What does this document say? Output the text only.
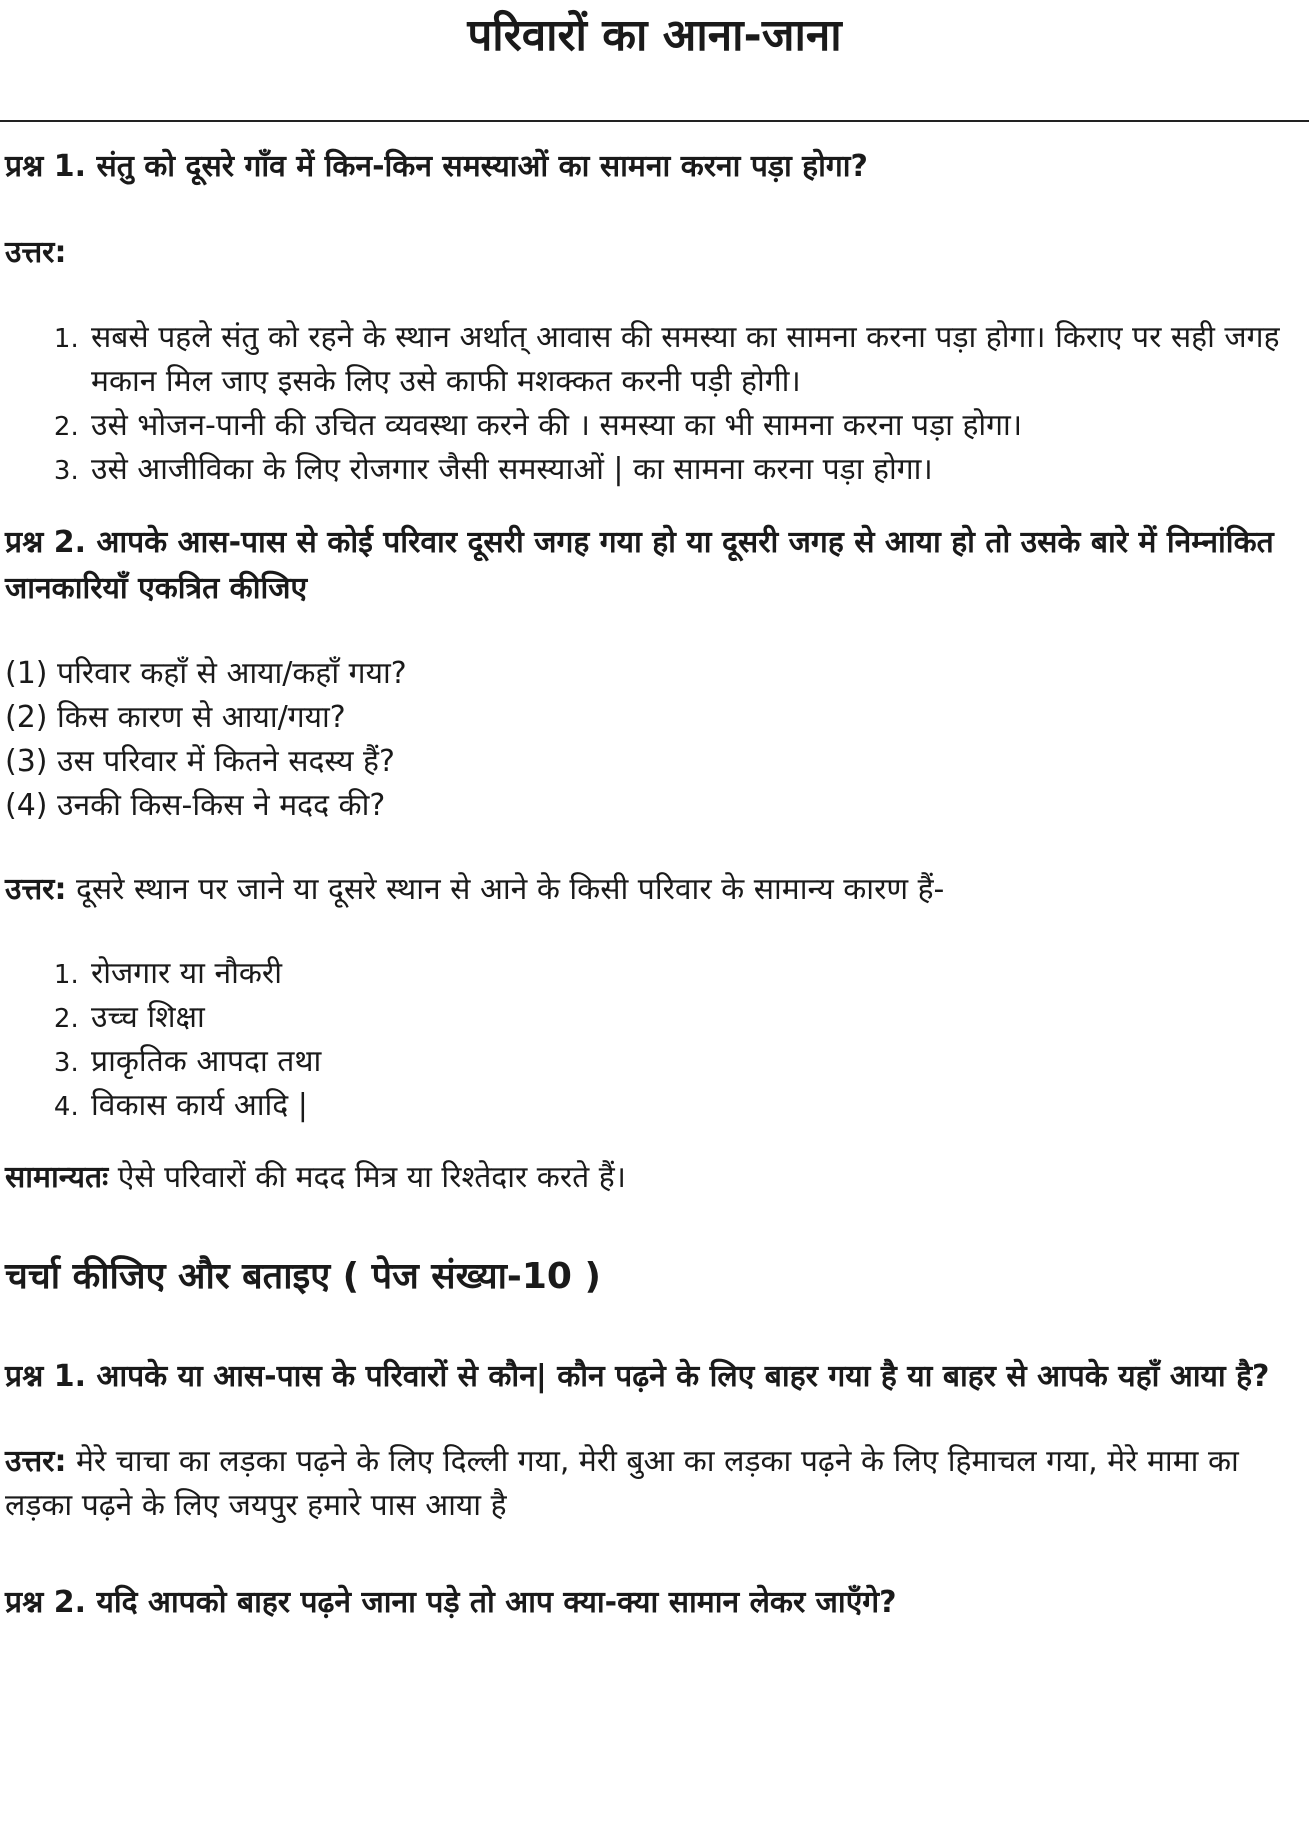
परिवारों का आना-जाना

प्रश्न 1. संतु को दूसरे गाँव में किन-किन समस्याओं का सामना करना पड़ा होगा?

उत्तर:

1. सबसे पहले संतु को रहने के स्थान अर्थात् आवास की समस्या का सामना करना पड़ा होगा। किराए पर सही जगह मकान मिल जाए इसके लिए उसे काफी मशक्कत करनी पड़ी होगी।
2. उसे भोजन-पानी की उचित व्यवस्था करने की । समस्या का भी सामना करना पड़ा होगा।
3. उसे आजीविका के लिए रोजगार जैसी समस्याओं | का सामना करना पड़ा होगा।

प्रश्न 2. आपके आस-पास से कोई परिवार दूसरी जगह गया हो या दूसरी जगह से आया हो तो उसके बारे में निम्नांकित जानकारियाँ एकत्रित कीजिए

(1) परिवार कहाँ से आया/कहाँ गया?

(2) किस कारण से आया/गया?

(3) उस परिवार में कितने सदस्य हैं?

(4) उनकी किस-किस ने मदद की?

उत्तर: दूसरे स्थान पर जाने या दूसरे स्थान से आने के किसी परिवार के सामान्य कारण हैं-

1. रोजगार या नौकरी
2. उच्च शिक्षा
3. प्राकृतिक आपदा तथा
4. विकास कार्य आदि |

सामान्यतः ऐसे परिवारों की मदद मित्र या रिश्तेदार करते हैं।

चर्चा कीजिए और बताइए ( पेज संख्या-10 )

प्रश्न 1. आपके या आस-पास के परिवारों से कौन| कौन पढ़ने के लिए बाहर गया है या बाहर से आपके यहाँ आया है?

उत्तर: मेरे चाचा का लड़का पढ़ने के लिए दिल्ली गया, मेरी बुआ का लड़का पढ़ने के लिए हिमाचल गया, मेरे मामा का लड़का पढ़ने के लिए जयपुर हमारे पास आया है

प्रश्न 2. यदि आपको बाहर पढ़ने जाना पड़े तो आप क्या-क्या सामान लेकर जाएँगे?
